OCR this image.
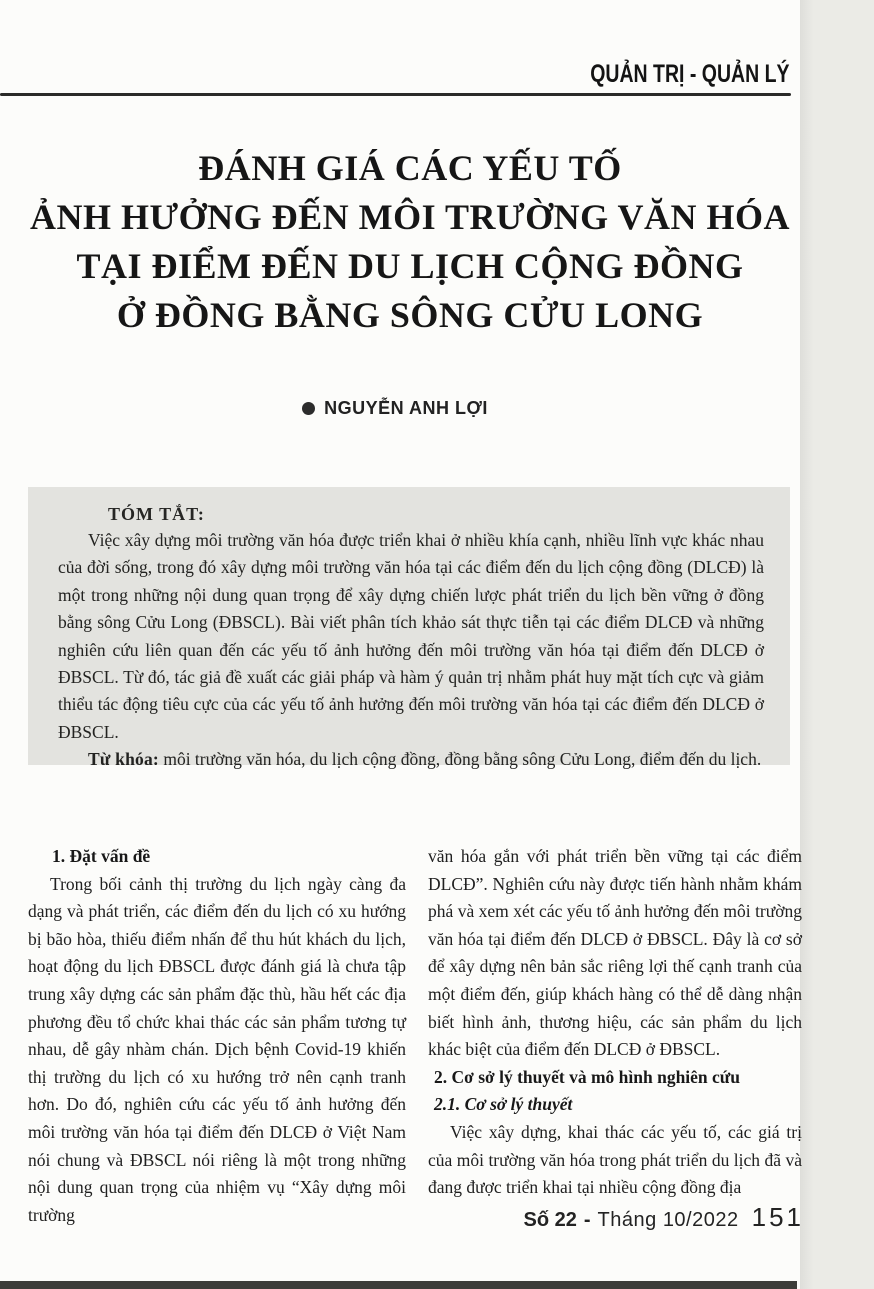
QUẢN TRỊ - QUẢN LÝ
ĐÁNH GIÁ CÁC YẾU TỐ
ẢNH HƯỞNG ĐẾN MÔI TRƯỜNG VĂN HÓA
TẠI ĐIỂM ĐẾN DU LỊCH CỘNG ĐỒNG
Ở ĐỒNG BẰNG SÔNG CỬU LONG
NGUYỄN ANH LỢI

TÓM TẮT:

Việc xây dựng môi trường văn hóa được triển khai ở nhiều khía cạnh, nhiều lĩnh vực khác nhau của đời sống, trong đó xây dựng môi trường văn hóa tại các điểm đến du lịch cộng đồng (DLCĐ) là một trong những nội dung quan trọng để xây dựng chiến lược phát triển du lịch bền vững ở đồng bằng sông Cửu Long (ĐBSCL). Bài viết phân tích khảo sát thực tiễn tại các điểm DLCĐ và những nghiên cứu liên quan đến các yếu tố ảnh hưởng đến môi trường văn hóa tại điểm đến DLCĐ ở ĐBSCL. Từ đó, tác giả đề xuất các giải pháp và hàm ý quản trị nhằm phát huy mặt tích cực và giảm thiểu tác động tiêu cực của các yếu tố ảnh hưởng đến môi trường văn hóa tại các điểm đến DLCĐ ở ĐBSCL.

Từ khóa: môi trường văn hóa, du lịch cộng đồng, đồng bằng sông Cửu Long, điểm đến du lịch.

1. Đặt vấn đề

Trong bối cảnh thị trường du lịch ngày càng đa dạng và phát triển, các điểm đến du lịch có xu hướng bị bão hòa, thiếu điểm nhấn để thu hút khách du lịch, hoạt động du lịch ĐBSCL được đánh giá là chưa tập trung xây dựng các sản phẩm đặc thù, hầu hết các địa phương đều tổ chức khai thác các sản phẩm tương tự nhau, dễ gây nhàm chán. Dịch bệnh Covid-19 khiến thị trường du lịch có xu hướng trở nên cạnh tranh hơn. Do đó, nghiên cứu các yếu tố ảnh hưởng đến môi trường văn hóa tại điểm đến DLCĐ ở Việt Nam nói chung và ĐBSCL nói riêng là một trong những nội dung quan trọng của nhiệm vụ “Xây dựng môi trường

văn hóa gắn với phát triển bền vững tại các điểm DLCĐ”. Nghiên cứu này được tiến hành nhằm khám phá và xem xét các yếu tố ảnh hưởng đến môi trường văn hóa tại điểm đến DLCĐ ở ĐBSCL. Đây là cơ sở để xây dựng nên bản sắc riêng lợi thế cạnh tranh của một điểm đến, giúp khách hàng có thể dễ dàng nhận biết hình ảnh, thương hiệu, các sản phẩm du lịch khác biệt của điểm đến DLCĐ ở ĐBSCL.

2. Cơ sở lý thuyết và mô hình nghiên cứu

2.1. Cơ sở lý thuyết

Việc xây dựng, khai thác các yếu tố, các giá trị của môi trường văn hóa trong phát triển du lịch đã và đang được triển khai tại nhiều cộng đồng địa

Số 22 - Tháng 10/2022 151
